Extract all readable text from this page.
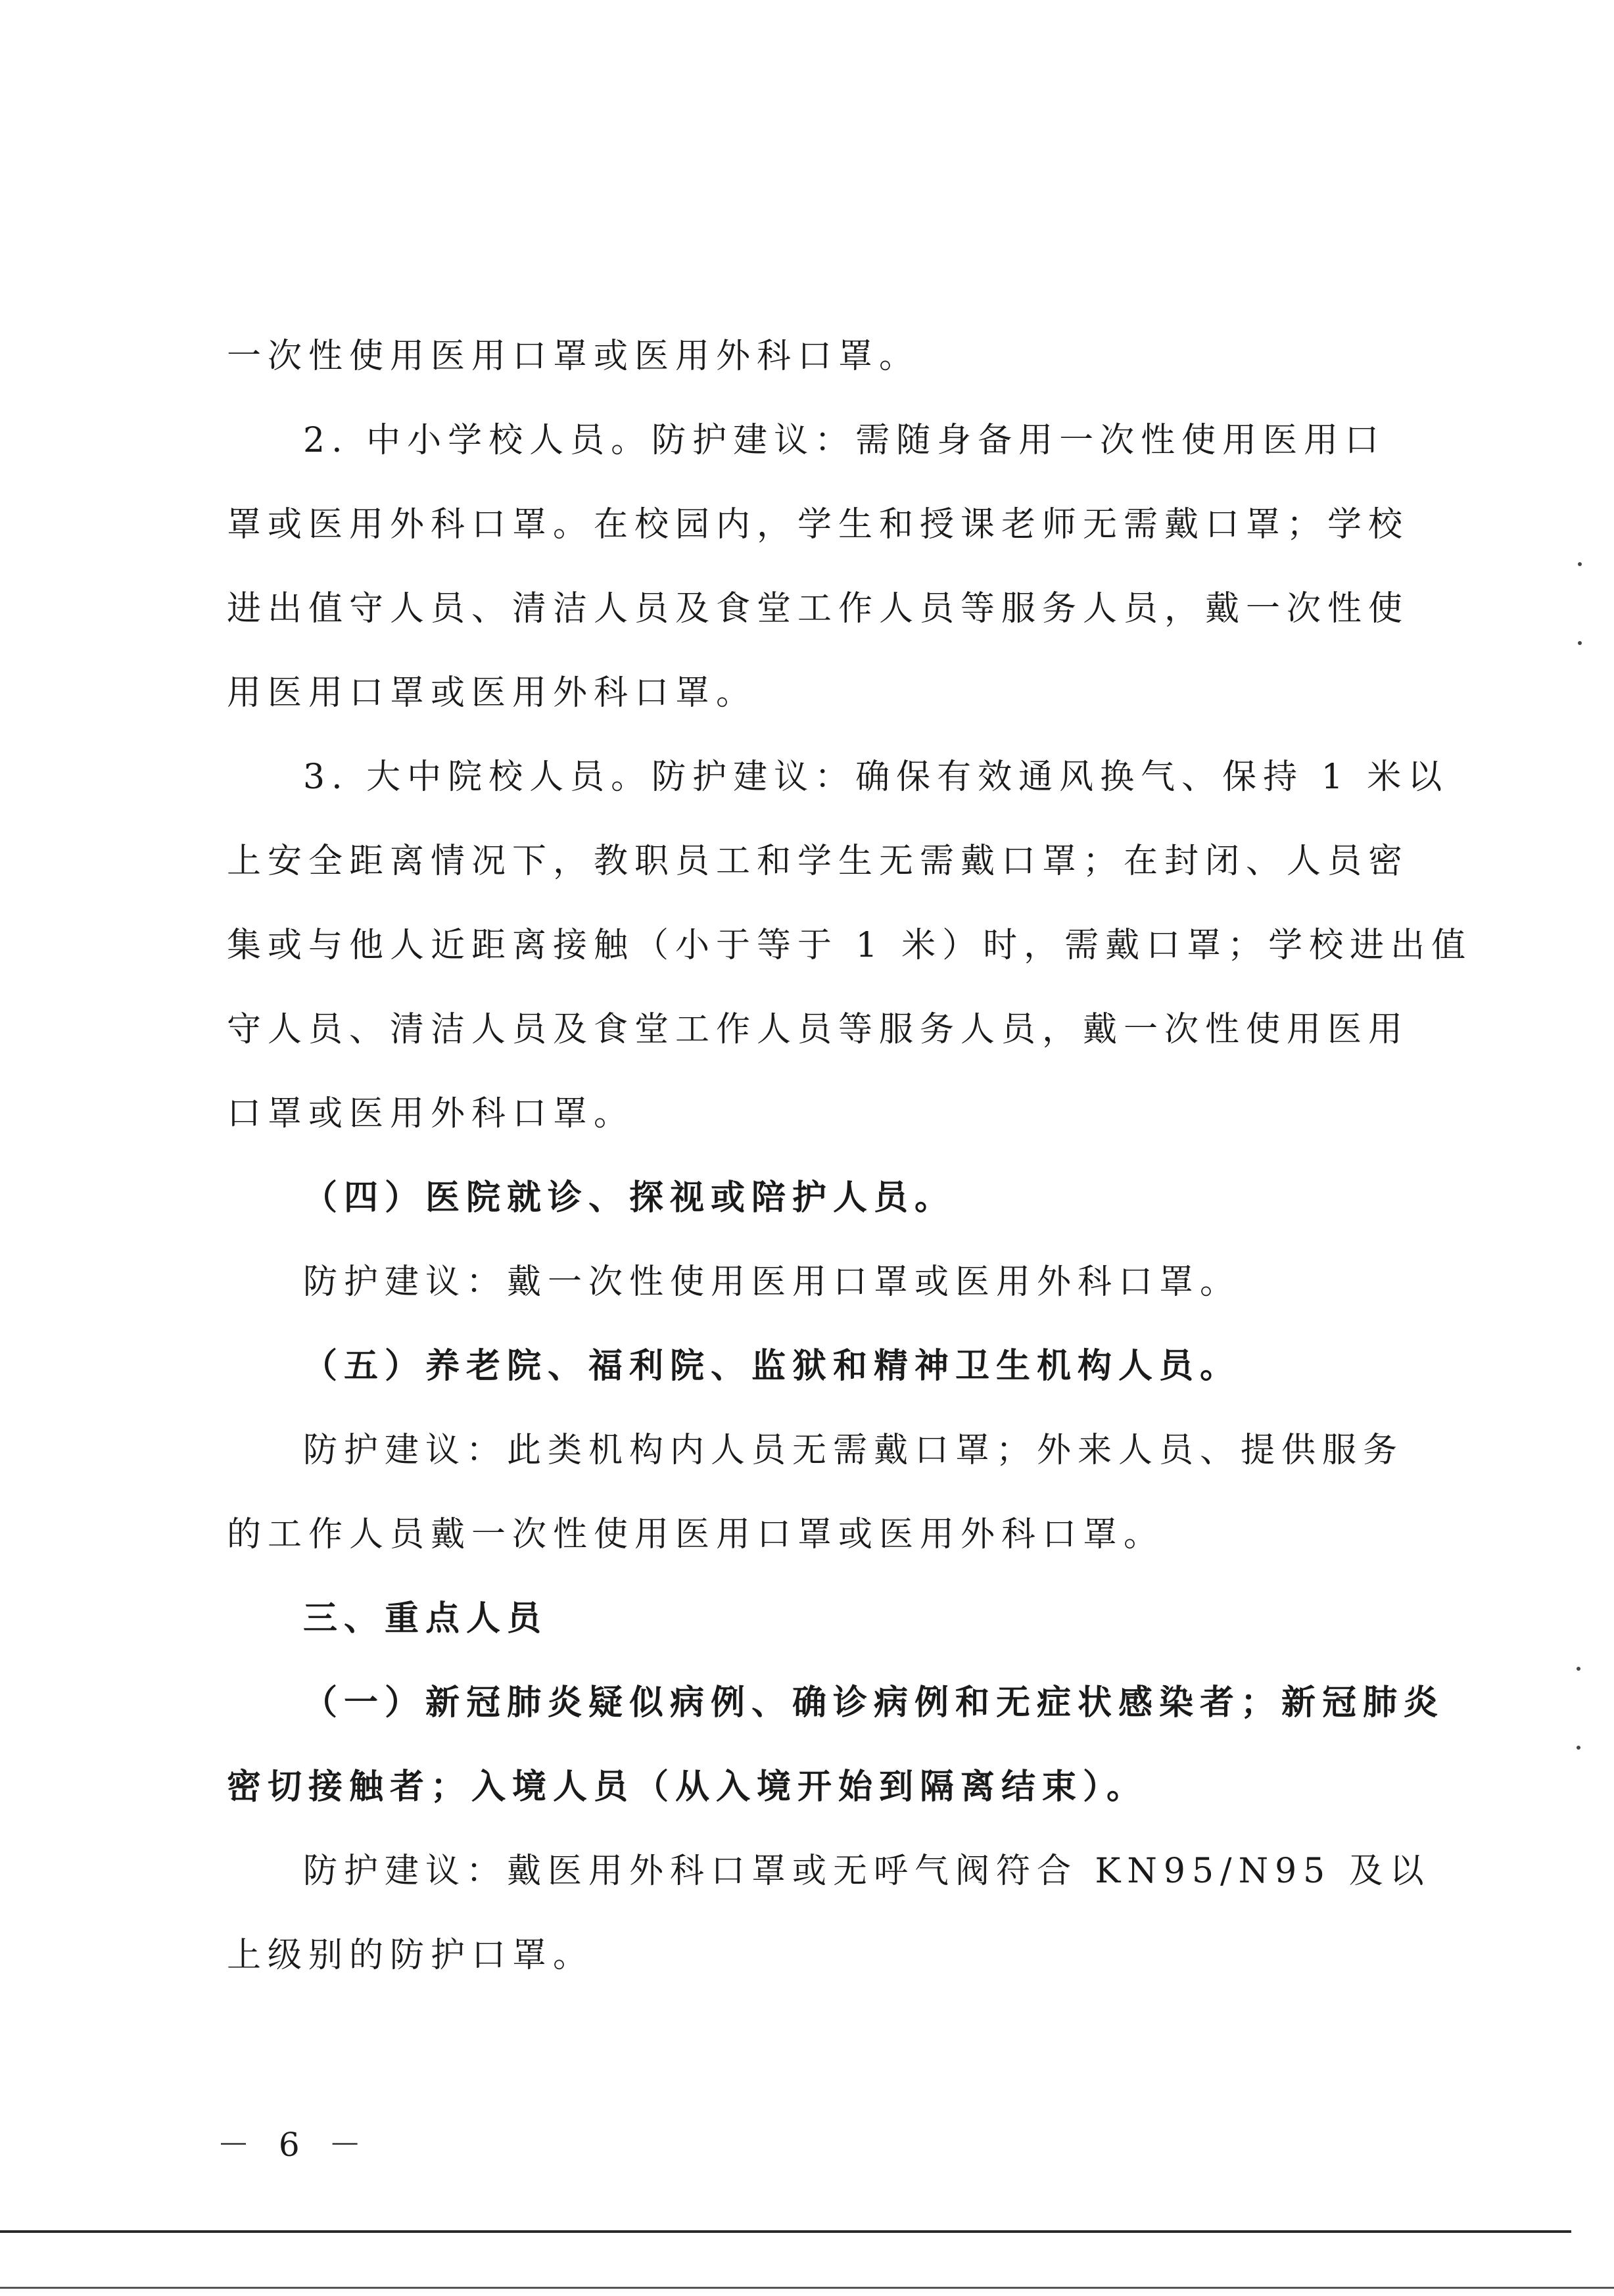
一次性使用医用口罩或医用外科口罩。
2. 中小学校人员。防护建议：需随身备用一次性使用医用口
罩或医用外科口罩。在校园内，学生和授课老师无需戴口罩；学校
进出值守人员、清洁人员及食堂工作人员等服务人员，戴一次性使
用医用口罩或医用外科口罩。
3. 大中院校人员。防护建议：确保有效通风换气、保持 1 米以
上安全距离情况下，教职员工和学生无需戴口罩；在封闭、人员密
集或与他人近距离接触（小于等于 1 米）时，需戴口罩；学校进出值
守人员、清洁人员及食堂工作人员等服务人员，戴一次性使用医用
口罩或医用外科口罩。
（四）医院就诊、探视或陪护人员。
防护建议：戴一次性使用医用口罩或医用外科口罩。
（五）养老院、福利院、监狱和精神卫生机构人员。
防护建议：此类机构内人员无需戴口罩；外来人员、提供服务
的工作人员戴一次性使用医用口罩或医用外科口罩。
三、重点人员
（一）新冠肺炎疑似病例、确诊病例和无症状感染者；新冠肺炎
密切接触者；入境人员（从入境开始到隔离结束）。
防护建议：戴医用外科口罩或无呼气阀符合 KN95/N95 及以
上级别的防护口罩。
－ 6 －
